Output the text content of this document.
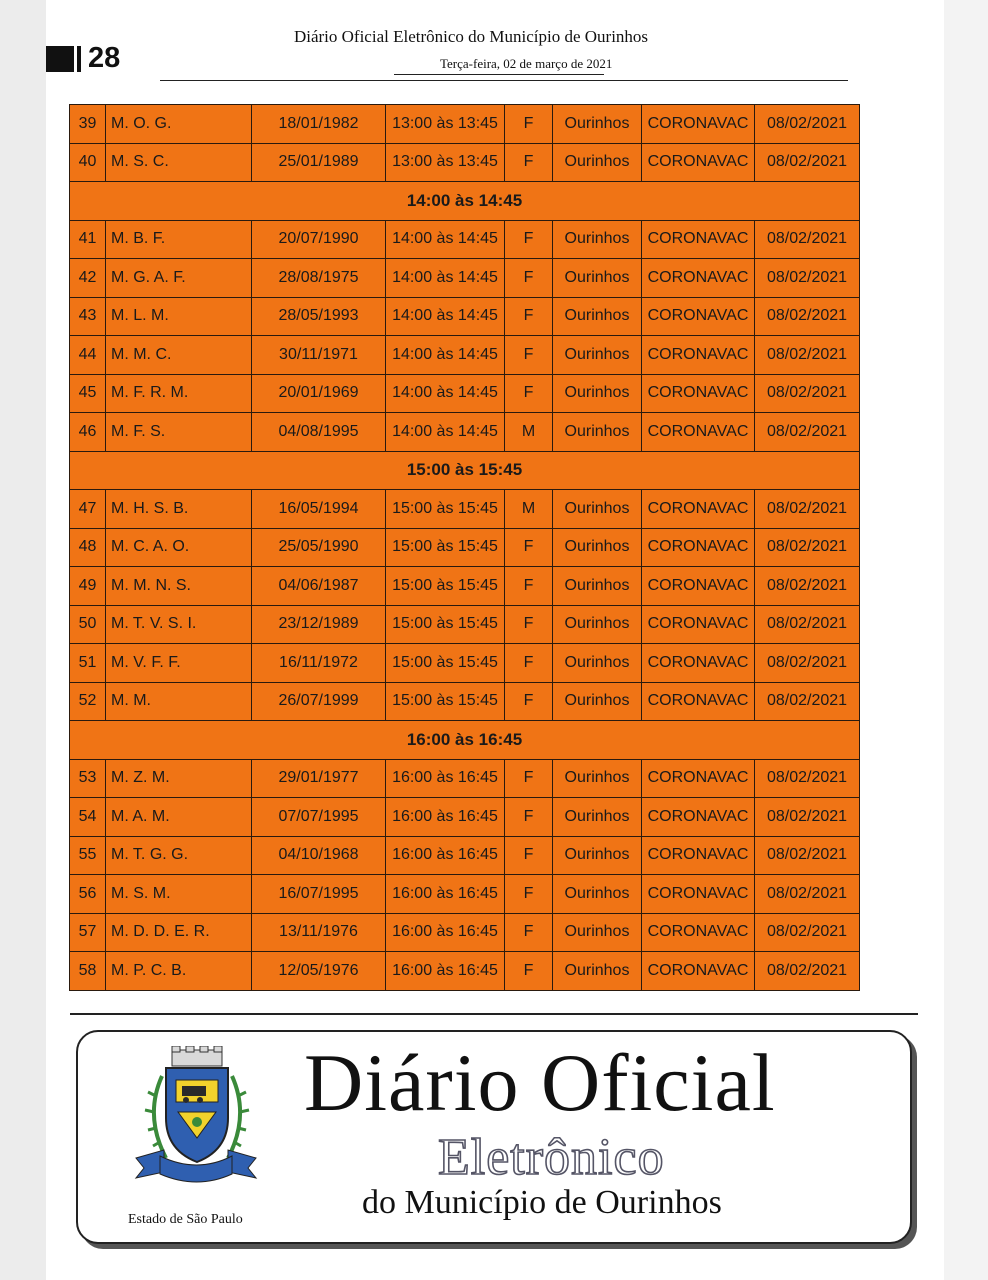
28
Diário Oficial Eletrônico do Município de Ourinhos
Terça-feira, 02 de março de 2021
39	M. O. G.	18/01/1982	13:00 às 13:45	F	Ourinhos	CORONAVAC	08/02/2021
40	M. S. C.	25/01/1989	13:00 às 13:45	F	Ourinhos	CORONAVAC	08/02/2021
14:00 às 14:45							
41	M. B. F.	20/07/1990	14:00 às 14:45	F	Ourinhos	CORONAVAC	08/02/2021
42	M. G. A. F.	28/08/1975	14:00 às 14:45	F	Ourinhos	CORONAVAC	08/02/2021
43	M. L. M.	28/05/1993	14:00 às 14:45	F	Ourinhos	CORONAVAC	08/02/2021
44	M. M. C.	30/11/1971	14:00 às 14:45	F	Ourinhos	CORONAVAC	08/02/2021
45	M. F. R. M.	20/01/1969	14:00 às 14:45	F	Ourinhos	CORONAVAC	08/02/2021
46	M. F. S.	04/08/1995	14:00 às 14:45	M	Ourinhos	CORONAVAC	08/02/2021
15:00 às 15:45							
47	M. H. S. B.	16/05/1994	15:00 às 15:45	M	Ourinhos	CORONAVAC	08/02/2021
48	M. C. A. O.	25/05/1990	15:00 às 15:45	F	Ourinhos	CORONAVAC	08/02/2021
49	M. M. N. S.	04/06/1987	15:00 às 15:45	F	Ourinhos	CORONAVAC	08/02/2021
50	M. T. V. S. I.	23/12/1989	15:00 às 15:45	F	Ourinhos	CORONAVAC	08/02/2021
51	M. V. F. F.	16/11/1972	15:00 às 15:45	F	Ourinhos	CORONAVAC	08/02/2021
52	M. M.	26/07/1999	15:00 às 15:45	F	Ourinhos	CORONAVAC	08/02/2021
16:00 às 16:45							
53	M. Z. M.	29/01/1977	16:00 às 16:45	F	Ourinhos	CORONAVAC	08/02/2021
54	M. A. M.	07/07/1995	16:00 às 16:45	F	Ourinhos	CORONAVAC	08/02/2021
55	M. T. G. G.	04/10/1968	16:00 às 16:45	F	Ourinhos	CORONAVAC	08/02/2021
56	M. S. M.	16/07/1995	16:00 às 16:45	F	Ourinhos	CORONAVAC	08/02/2021
57	M. D. D. E. R.	13/11/1976	16:00 às 16:45	F	Ourinhos	CORONAVAC	08/02/2021
58	M. P. C. B.	12/05/1976	16:00 às 16:45	F	Ourinhos	CORONAVAC	08/02/2021
Estado de São Paulo
Diário Oficial
Eletrônico
do Município de Ourinhos
